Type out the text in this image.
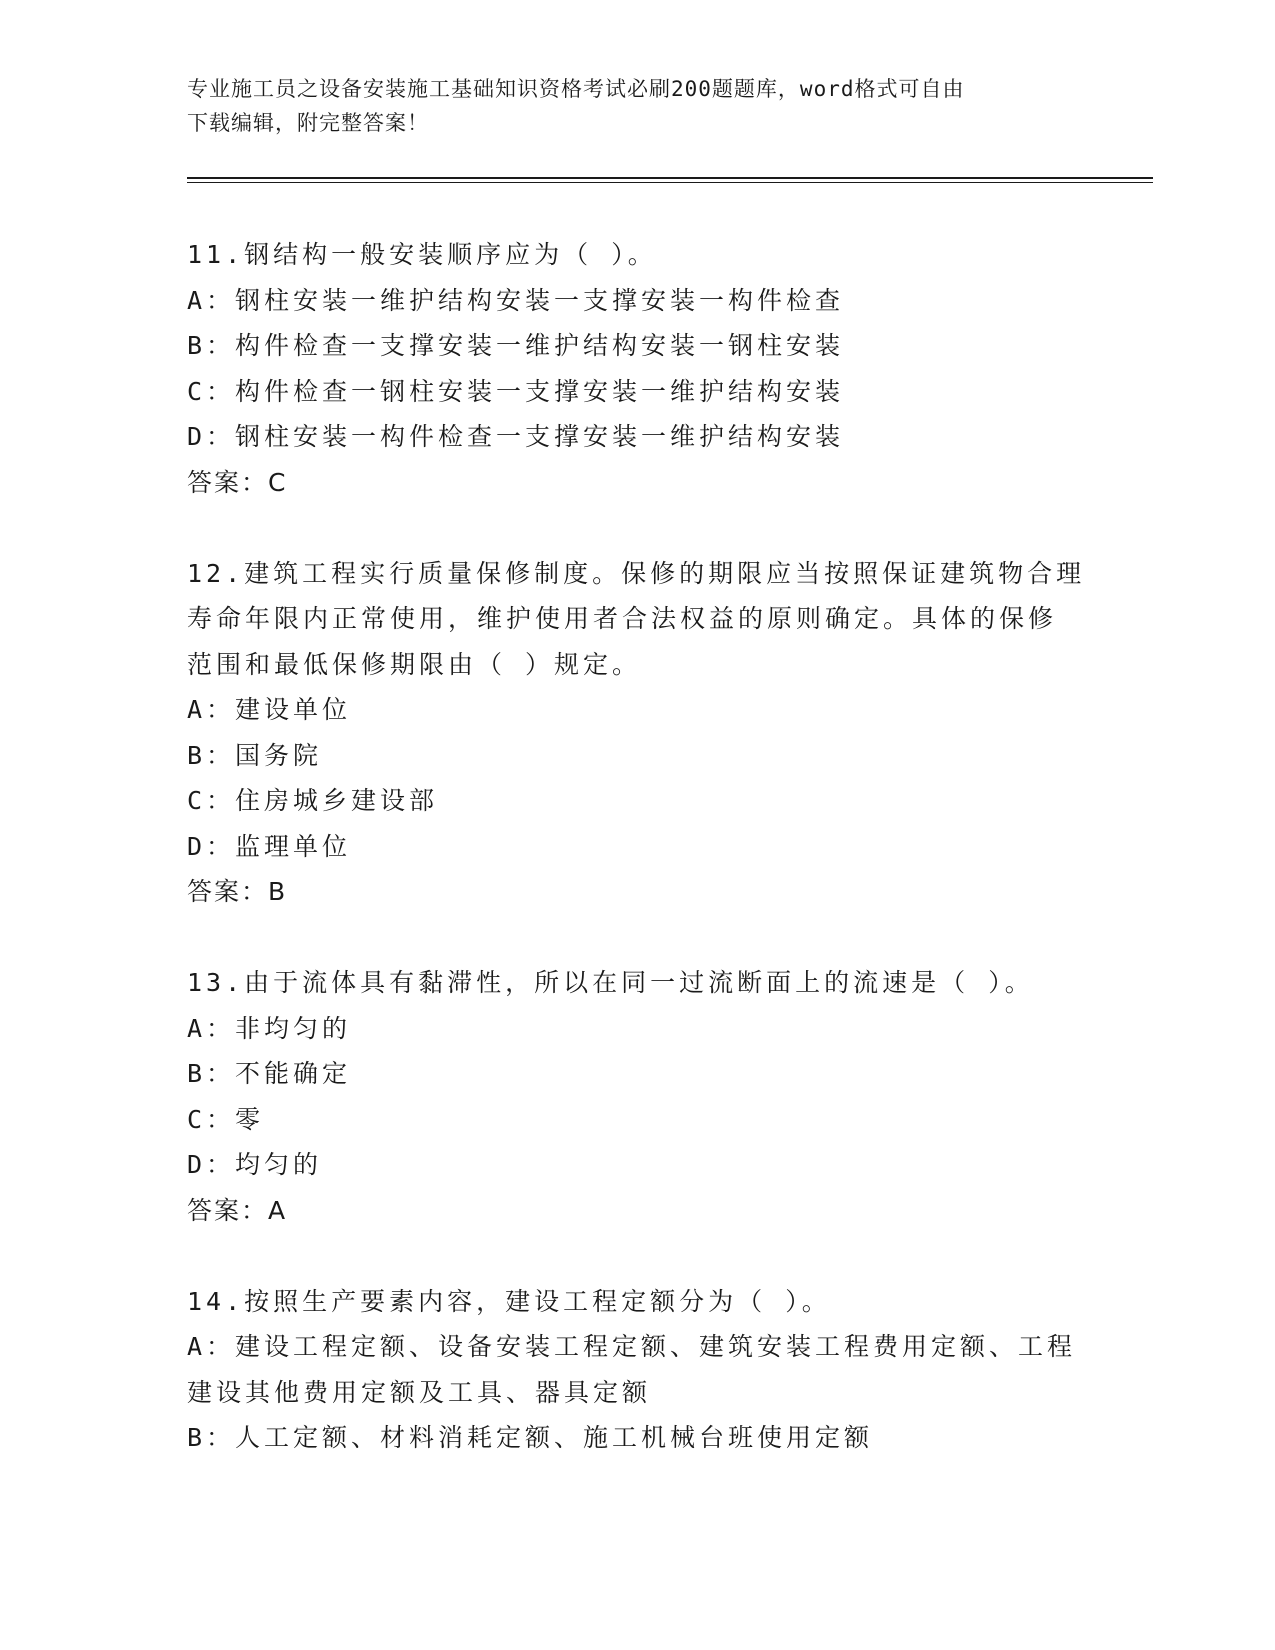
专业施工员之设备安装施工基础知识资格考试必刷200题题库，word格式可自由
下载编辑，附完整答案！
11.钢结构一般安装顺序应为（ ）。
A：钢柱安装一维护结构安装一支撑安装一构件检查
B：构件检查一支撑安装一维护结构安装一钢柱安装
C：构件检查一钢柱安装一支撑安装一维护结构安装
D：钢柱安装一构件检查一支撑安装一维护结构安装
答案：C
12.建筑工程实行质量保修制度。保修的期限应当按照保证建筑物合理
寿命年限内正常使用，维护使用者合法权益的原则确定。具体的保修
范围和最低保修期限由（ ）规定。
A：建设单位
B：国务院
C：住房城乡建设部
D：监理单位
答案：B
13.由于流体具有黏滞性，所以在同一过流断面上的流速是（ ）。
A：非均匀的
B：不能确定
C：零
D：均匀的
答案：A
14.按照生产要素内容，建设工程定额分为（ ）。
A：建设工程定额、设备安装工程定额、建筑安装工程费用定额、工程
建设其他费用定额及工具、器具定额
B：人工定额、材料消耗定额、施工机械台班使用定额
